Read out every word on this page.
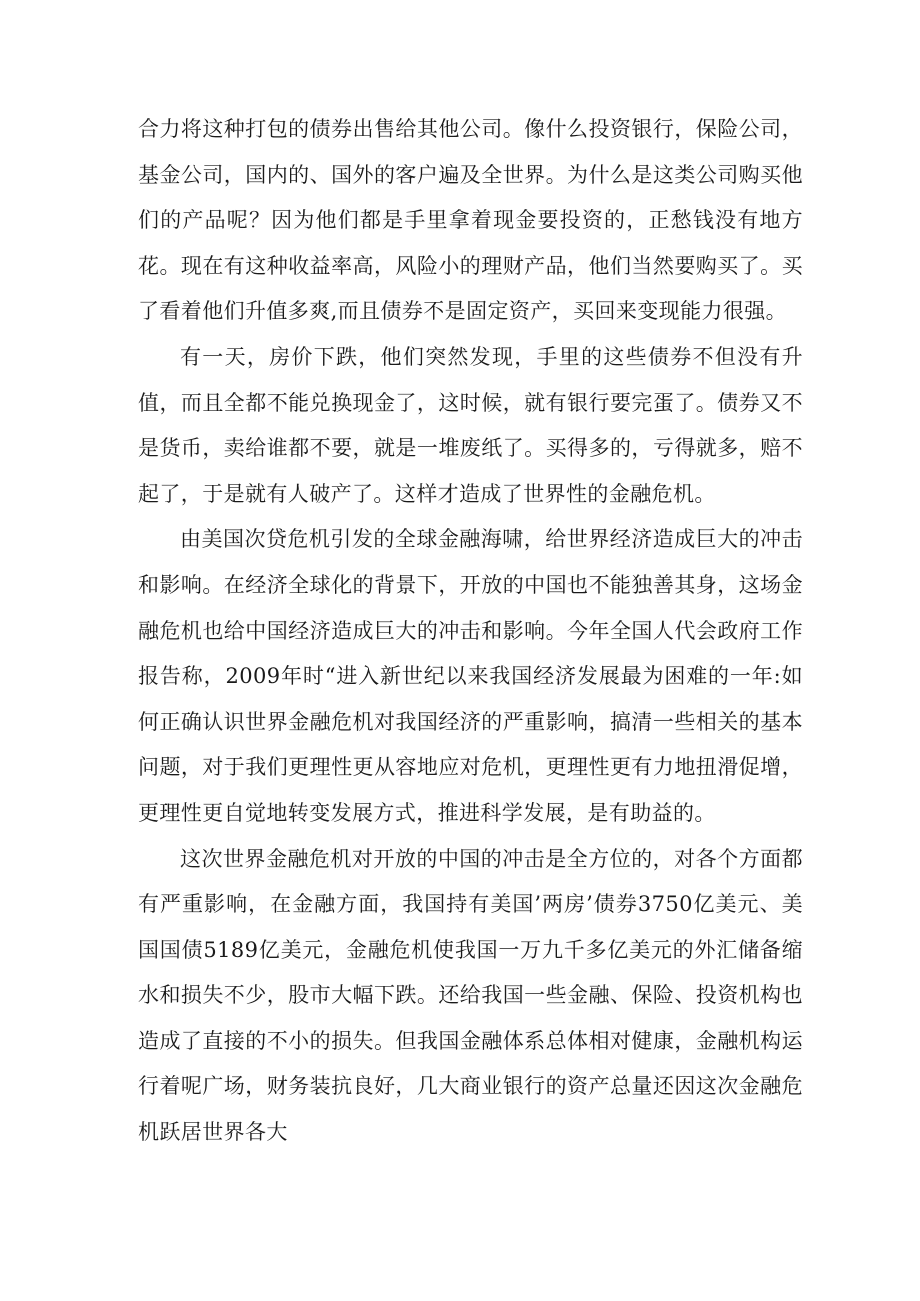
合力将这种打包的债券出售给其他公司。像什么投资银行，保险公司，基金公司，国内的、国外的客户遍及全世界。为什么是这类公司购买他们的产品呢？因为他们都是手里拿着现金要投资的，正愁钱没有地方花。现在有这种收益率高，风险小的理财产品，他们当然要购买了。买了看着他们升值多爽,而且债券不是固定资产，买回来变现能力很强。

有一天，房价下跌，他们突然发现，手里的这些债券不但没有升值，而且全都不能兑换现金了，这时候，就有银行要完蛋了。债券又不是货币，卖给谁都不要，就是一堆废纸了。买得多的，亏得就多，赔不起了，于是就有人破产了。这样才造成了世界性的金融危机。

由美国次贷危机引发的全球金融海啸，给世界经济造成巨大的冲击和影响。在经济全球化的背景下，开放的中国也不能独善其身，这场金融危机也给中国经济造成巨大的冲击和影响。今年全国人代会政府工作报告称，2009年时“进入新世纪以来我国经济发展最为困难的一年:如何正确认识世界金融危机对我国经济的严重影响，搞清一些相关的基本问题，对于我们更理性更从容地应对危机，更理性更有力地扭滑促增，更理性更自觉地转变发展方式，推进科学发展，是有助益的。

这次世界金融危机对开放的中国的冲击是全方位的，对各个方面都有严重影响，在金融方面，我国持有美国’两房’债券3750亿美元、美国国债5189亿美元，金融危机使我国一万九千多亿美元的外汇储备缩水和损失不少，股市大幅下跌。还给我国一些金融、保险、投资机构也造成了直接的不小的损失。但我国金融体系总体相对健康，金融机构运行着呢广场，财务装抗良好，几大商业银行的资产总量还因这次金融危机跃居世界各大
